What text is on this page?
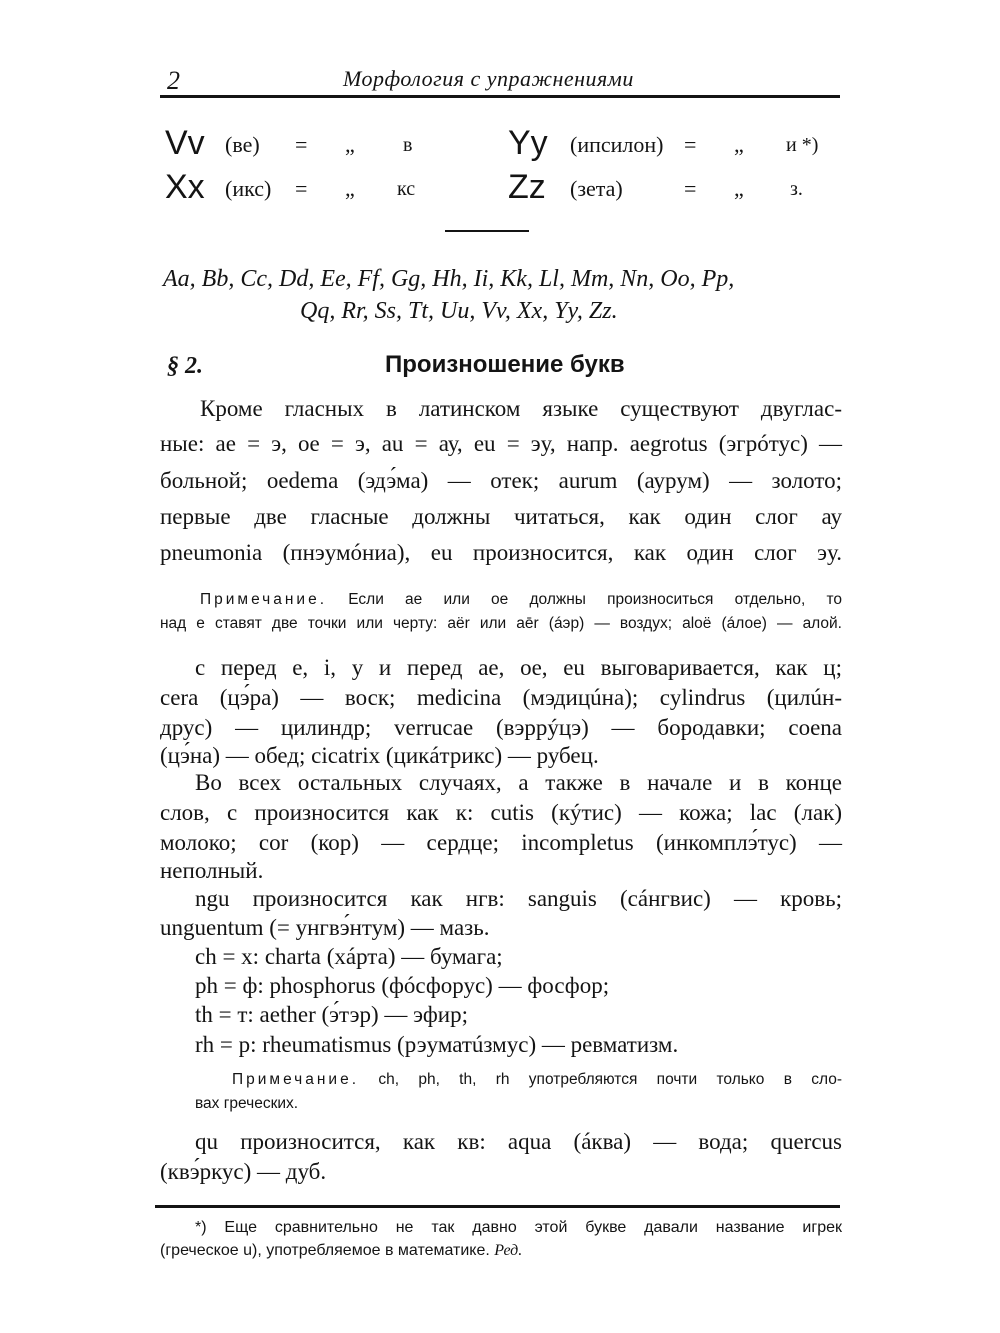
2	Морфология с упражнениями
Vv (ве) = „ в
Xx (икс) = „ кс
Yy (ипсилон) = „ и *)
Zz (зета)	= „ з.
Aa, Bb, Cc, Dd, Ee, Ff, Gg, Hh, Ii, Kk, Ll, Mm, Nn, Oo, Pp,
Qq, Rr, Ss, Tt, Uu, Vv, Xx, Yy, Zz.
§ 2.	Произношение букв
Кроме гласных в латинском языке существуют двуглас-
ные: ae = э, oe = э, au = ау, eu = эу, напр. aegrotus (эгрóтус) —
больной; oedema (эдэ́ма) — отек; aurum (аурум) — золото;
первые две гласные должны читаться, как один слог ау
pneumonia (пнэумóниа), eu произносится, как один слог эу.
Примечание. Если ae или oe должны произноситься отдельно, то
над e ставят две точки или черту: aër или aēr (áэр) — воздух; aloë (áлоe) — алой.
c перед e, i, y и перед ae, oe, eu выговаривается, как ц;
cera (цэ́ра) — воск; medicina (мэдицúна); cylindrus (цилúн-
друс) — цилиндр; verrucae (вэррýцэ) — бородавки; coena
(цэ́на) — обед; cicatrix (цикáтрикс) — рубец.
Во всех остальных случаях, а также в начале и в конце
слов, c произносится как к: cutis (кýтис) — кожа; lac (лак)
молоко; cor (кор) — сердце; incompletus (инкомплэ́тус) —
неполный.
ngu произносится как нгв: sanguis (сáнгвис) — кровь;
unguentum (= унгвэ́нтум) — мазь.
ch = x: charta (хáрта) — бумага;
ph = ф: phosphorus (фóсфорус) — фосфор;
th = т: aether (э́тэр) — эфир;
rh = р: rheumatismus (рэуматúзмус) — ревматизм.
Примечание. ch, ph, th, rh употребляются почти только в сло-
вах греческих.
qu произносится, как кв: aqua (áква) — вода; quercus
(квэ́ркус) — дуб.
*) Еще сравнительно не так давно этой букве давали название игрек
(греческое u), употребляемое в математике. Ред.
